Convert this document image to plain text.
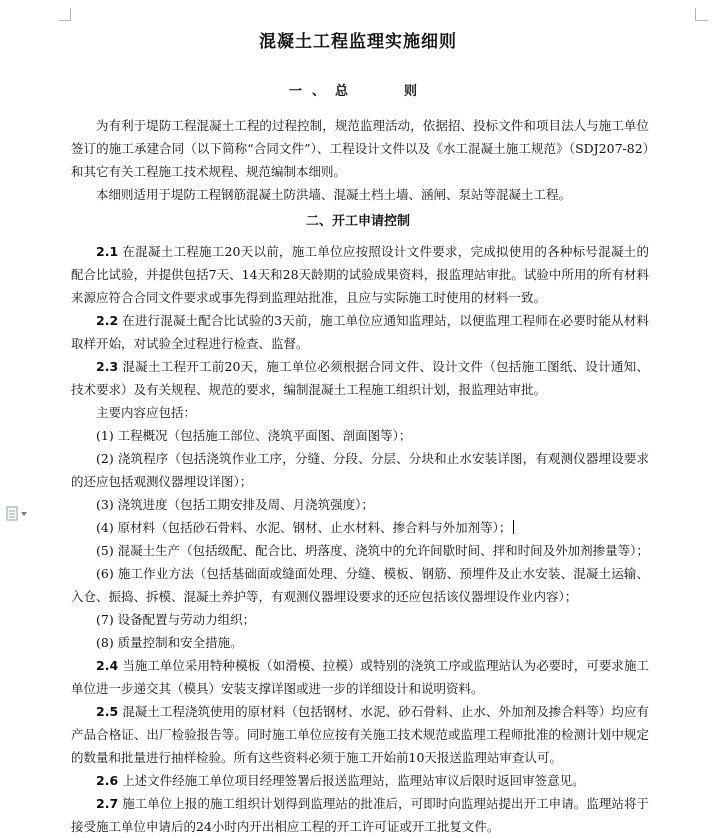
混凝土工程监理实施细则
一、总　　则

为有利于堤防工程混凝土工程的过程控制，规范监理活动，依据招、投标文件和项目法人与施工单位签订的施工承建合同（以下简称“合同文件”）、工程设计文件以及《水工混凝土施工规范》（SDJ207-82）和其它有关工程施工技术规程、规范编制本细则。

本细则适用于堤防工程钢筋混凝土防洪墙、混凝土档土墙、涵闸、泵站等混凝土工程。

二、开工申请控制

2.1 在混凝土工程施工20天以前，施工单位应按照设计文件要求，完成拟使用的各种标号混凝土的配合比试验，并提供包括7天、14天和28天龄期的试验成果资料，报监理站审批。试验中所用的所有材料来源应符合合同文件要求或事先得到监理站批准，且应与实际施工时使用的材料一致。

2.2 在进行混凝土配合比试验的3天前，施工单位应通知监理站，以便监理工程师在必要时能从材料取样开始，对试验全过程进行检查、监督。

2.3 混凝土工程开工前20天，施工单位必须根据合同文件、设计文件（包括施工图纸、设计通知、技术要求）及有关规程、规范的要求，编制混凝土工程施工组织计划，报监理站审批。

主要内容应包括：

(1) 工程概况（包括施工部位、浇筑平面图、剖面图等）；

(2) 浇筑程序（包括浇筑作业工序，分缝、分段、分层、分块和止水安装详图，有观测仪器埋设要求的还应包括观测仪器埋设详图）；

(3) 浇筑进度（包括工期安排及周、月浇筑强度）；

(4) 原材料（包括砂石骨料、水泥、钢材、止水材料、掺合料与外加剂等）；

(5) 混凝土生产（包括级配、配合比、坍落度、浇筑中的允许间歇时间、拌和时间及外加剂掺量等）；

(6) 施工作业方法（包括基础面或缝面处理、分缝、模板、钢筋、预埋件及止水安装、混凝土运输、入仓、振捣、拆模、混凝土养护等，有观测仪器埋设要求的还应包括该仪器埋设作业内容）；

(7) 设备配置与劳动力组织；

(8) 质量控制和安全措施。

2.4 当施工单位采用特种模板（如滑模、拉模）或特别的浇筑工序或监理站认为必要时，可要求施工单位进一步递交其（模具）安装支撑详图或进一步的详细设计和说明资料。

2.5 混凝土工程浇筑使用的原材料（包括钢材、水泥、砂石骨料、止水、外加剂及掺合料等）均应有产品合格证、出厂检验报告等。同时施工单位应按有关施工技术规范或监理工程师批准的检测计划中规定的数量和批量进行抽样检验。所有这些资料必须于施工开始前10天报送监理站审查认可。

2.6 上述文件经施工单位项目经理签署后报送监理站，监理站审议后限时返回审签意见。

2.7 施工单位上报的施工组织计划得到监理站的批准后，可即时向监理站提出开工申请。监理站将于接受施工单位申请后的24小时内开出相应工程的开工许可证或开工批复文件。
